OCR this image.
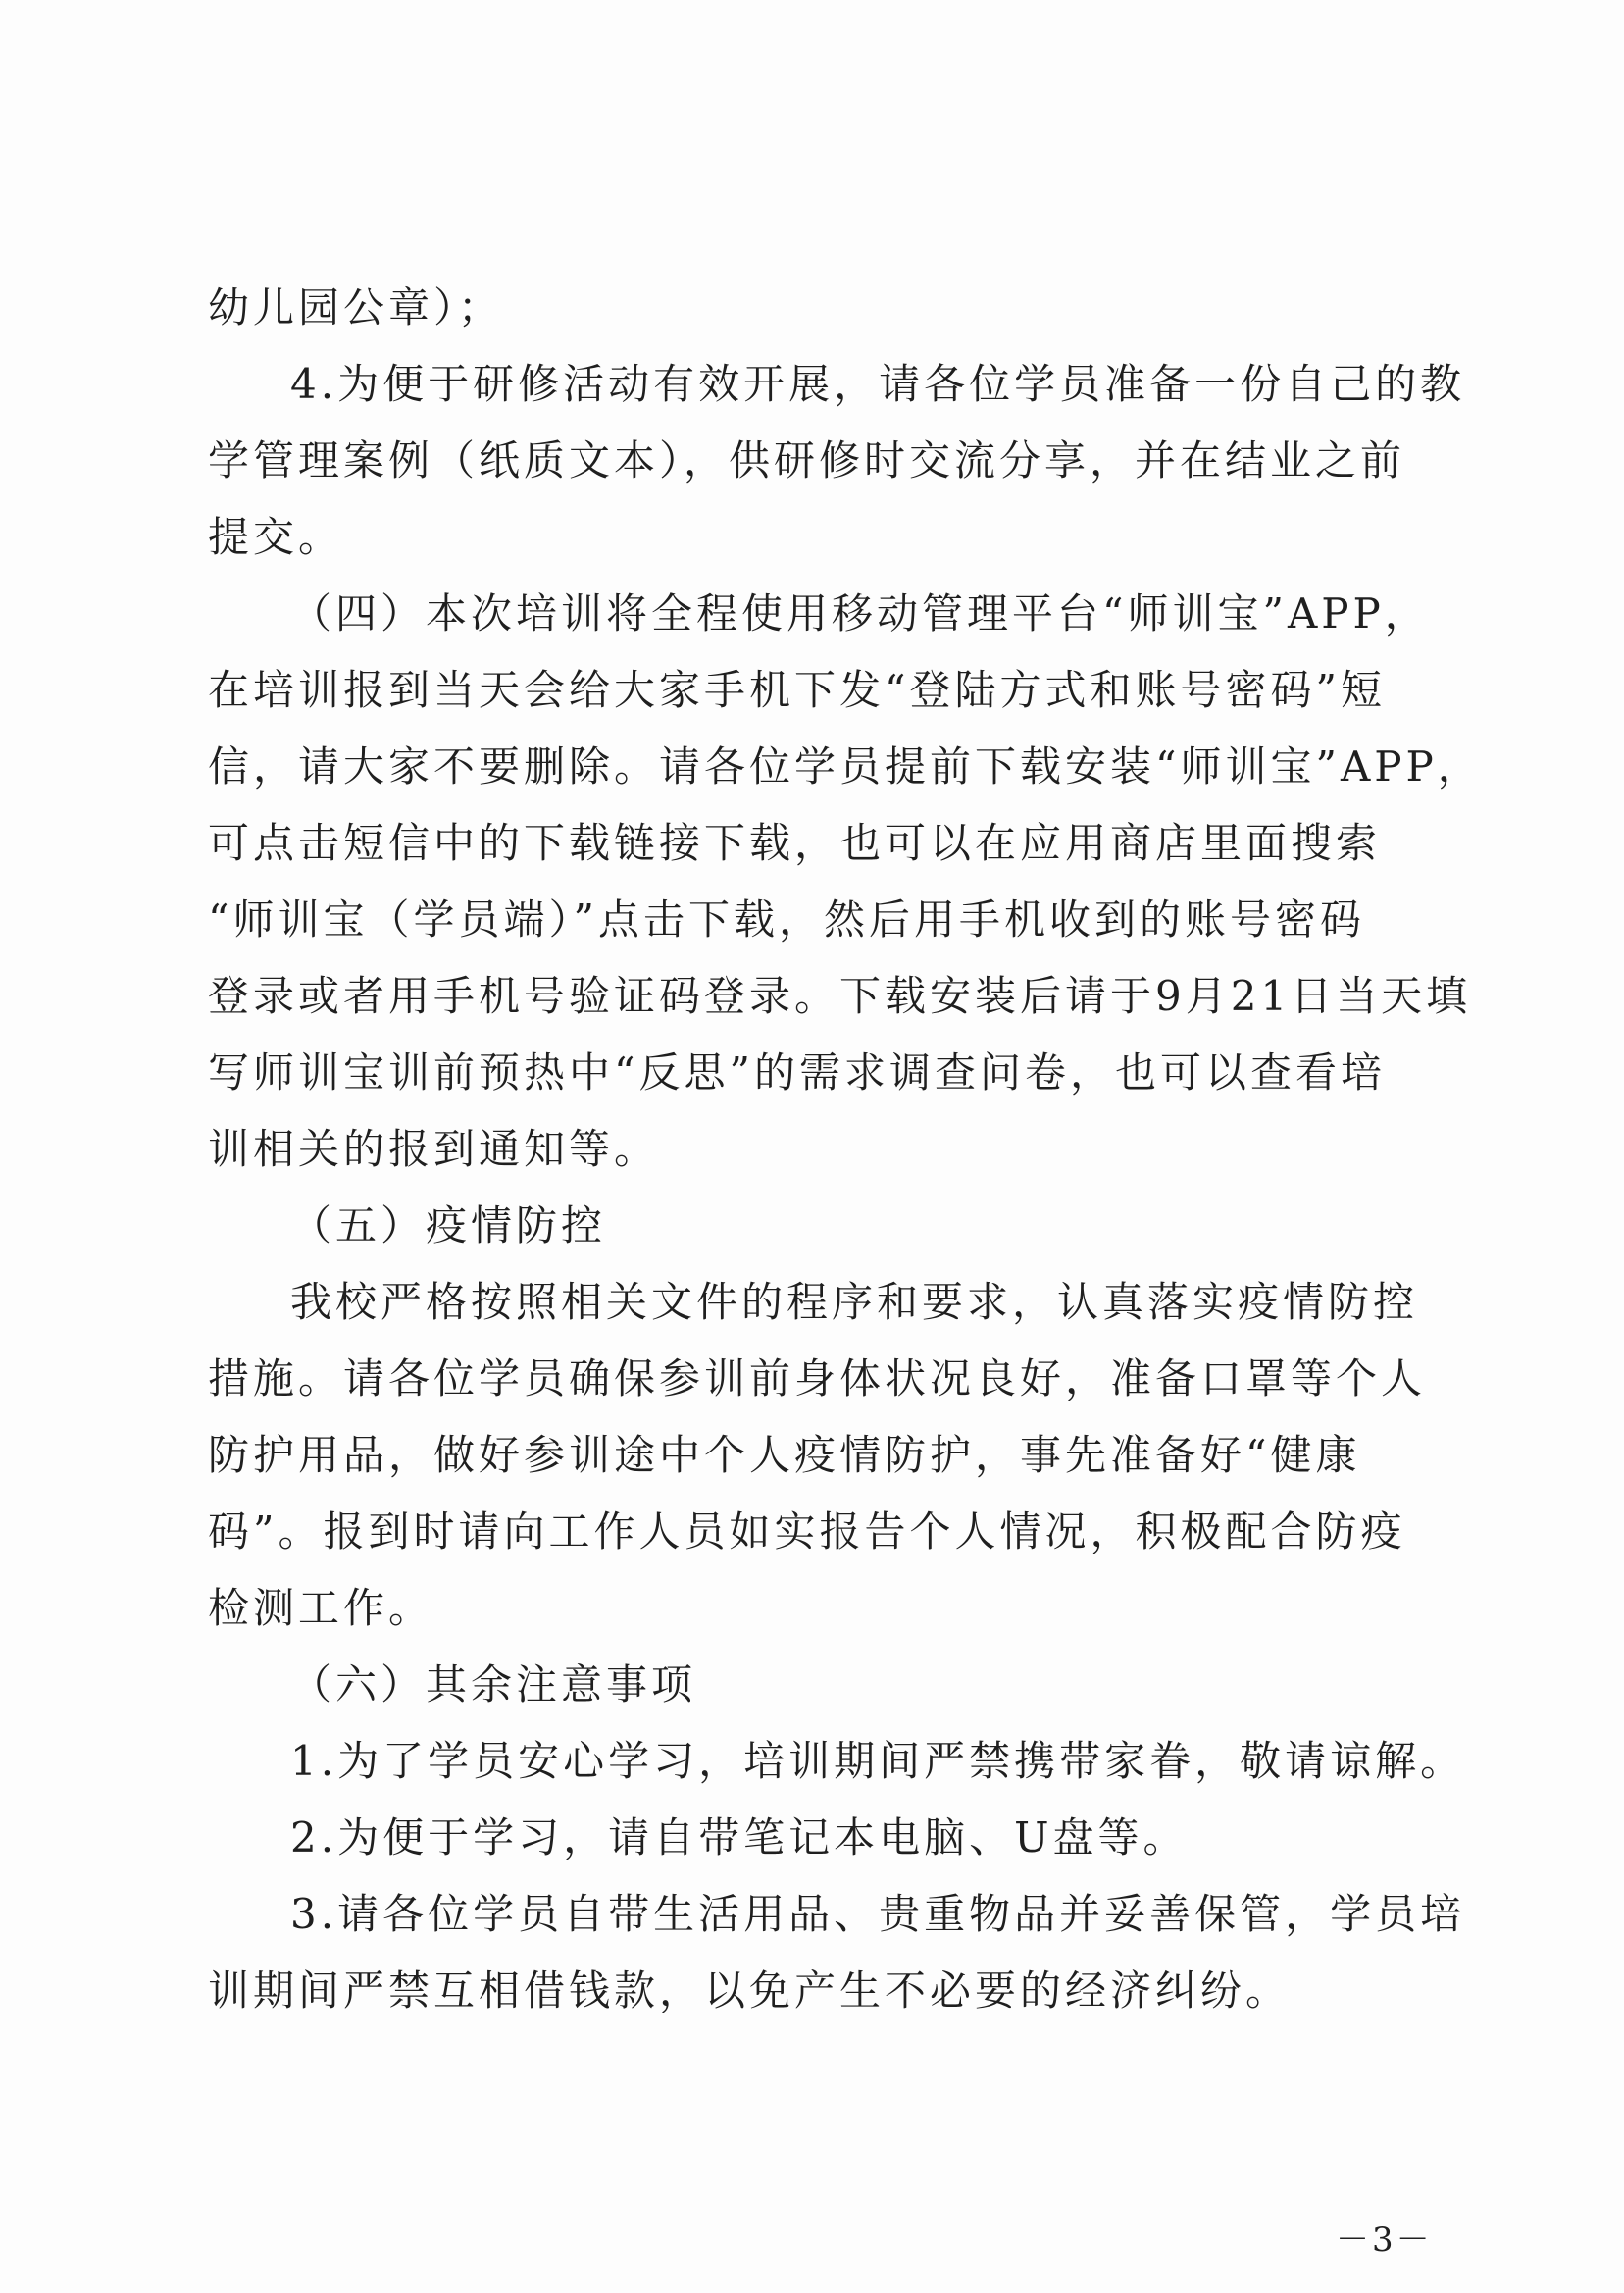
幼儿园公章）；
4.为便于研修活动有效开展，请各位学员准备一份自己的教
学管理案例（纸质文本），供研修时交流分享，并在结业之前
提交。
（四）本次培训将全程使用移动管理平台“师训宝”APP，
在培训报到当天会给大家手机下发“登陆方式和账号密码”短
信，请大家不要删除。请各位学员提前下载安装“师训宝”APP，
可点击短信中的下载链接下载，也可以在应用商店里面搜索
“师训宝（学员端）”点击下载，然后用手机收到的账号密码
登录或者用手机号验证码登录。下载安装后请于9月21日当天填
写师训宝训前预热中“反思”的需求调查问卷，也可以查看培
训相关的报到通知等。
（五）疫情防控
我校严格按照相关文件的程序和要求，认真落实疫情防控
措施。请各位学员确保参训前身体状况良好，准备口罩等个人
防护用品，做好参训途中个人疫情防护，事先准备好“健康
码”。报到时请向工作人员如实报告个人情况，积极配合防疫
检测工作。
（六）其余注意事项
1.为了学员安心学习，培训期间严禁携带家眷，敬请谅解。
2.为便于学习，请自带笔记本电脑、U盘等。
3.请各位学员自带生活用品、贵重物品并妥善保管，学员培
训期间严禁互相借钱款，以免产生不必要的经济纠纷。
－3－
